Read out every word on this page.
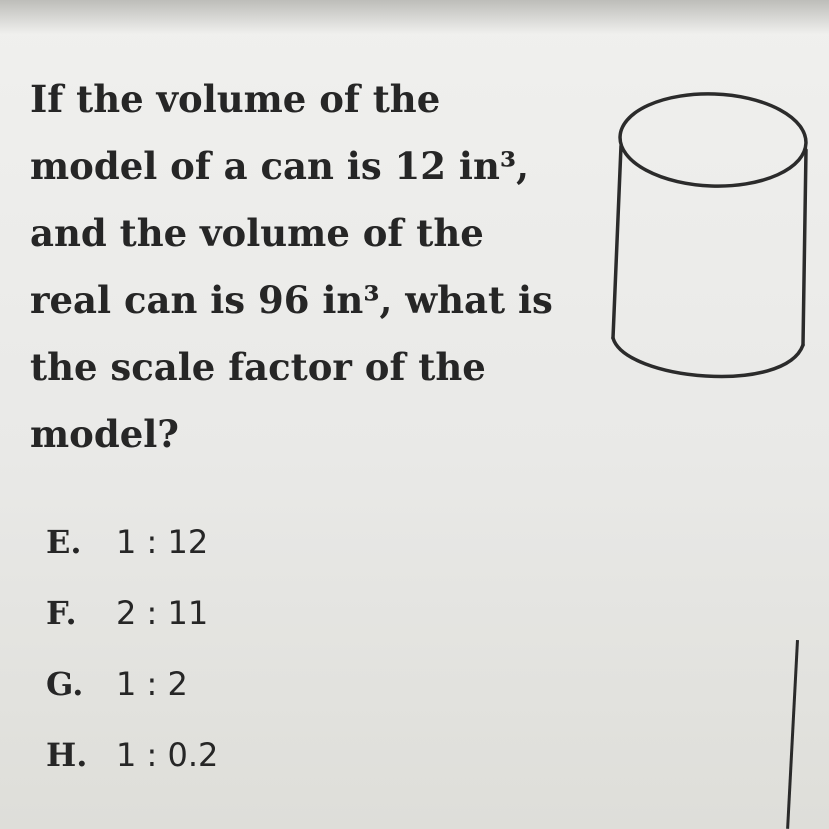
If the volume of the
model of a can is 12 in³,
and the volume of the
real can is 96 in³, what is
the scale factor of the
model?
E. 1 : 12
F. 2 : 11
G. 1 : 2
H. 1 : 0.2
